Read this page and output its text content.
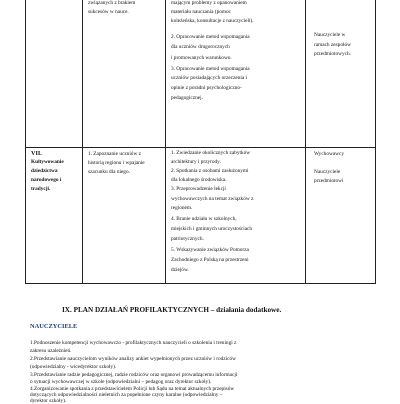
związanych z brakiem
sukcesów w nauce.
mającym problemy z opanowaniem
materiału nauczania (pomoc
koleżeńska, konsultacje z nauczycieli).
2. Opracowanie metod wspomagania
dla uczniów drugorocznych
i promowanych warunkowo.
3. Opracowanie metod wspomagania
uczniów posiadających orzeczenia i
opinie z poradni psychologiczno-
pedagogicznej.
Nauczyciele w
ramach zespołów
przedmiotowych.
VII.
Kultywowanie
dziedzictwa
narodowego i
tradycji.
1. Zapoznanie uczniów z
historią regionu i wpajanie
szacunku dla niego.
1. Zwiedzanie okolicznych zabytków
architektury i przyrody.
2. Spotkania z osobami zasłużonymi
dla lokalnego środowiska.
3. Przeprowadzenie lekcji
wychowawczych na temat związków z
regionem.
4. Branie udziału w szkolnych,
miejskich i gminnych uroczystościach
patriotycznych.
5. Wskazywanie związków Pomorza
Zachodniego z Polską na przestrzeni
dziejów.
Wychowawcy
Nauczyciele
przedmiotowi
IX. PLAN DZIAŁAŃ PROFILAKTYCZNYCH – działania dodatkowe.
NAUCZYCIELE
1.Podnoszenie kompetencji wychowawczo - profilaktycznych nauczycieli o szkolenia i treningi z
zakresu uzależnień.
2.Przedstawianie nauczycielom wyników analizy ankiet wypełnionych przez uczniów i rodziców
(odpowiedzialny - wicedyrektor szkoły).
3.Przedstawianie radzie pedagogicznej, radzie rodziców oraz organowi prowadzącemu informacji
o sytuacji wychowawczej w szkole (odpowiedzialni – pedagog oraz dyrektor szkoły).
4.Zorganizowanie spotkania z przedstawicielem Policji lub Sądu na temat aktualnych przepisów
dotyczących odpowiedzialności nieletnich za popełnione czyny karalne (odpowiedzialny –
dyrektor szkoły).
